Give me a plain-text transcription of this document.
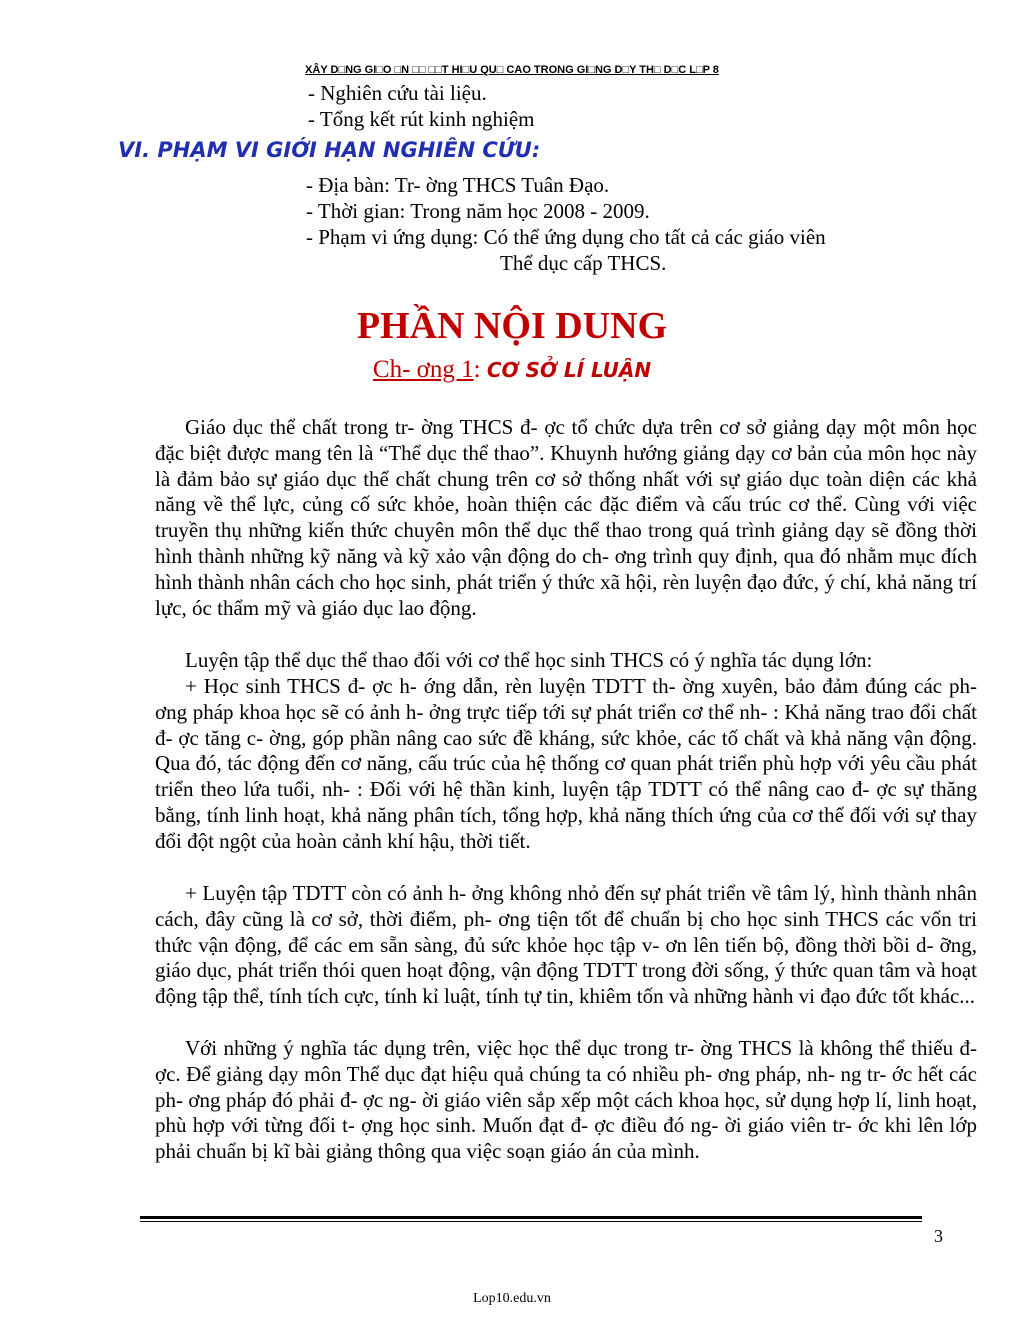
XÂY D□NG GI□O □N □□ □□T HI□U QU□ CAO TRONG GI□NG D□Y TH□ D□C L□P 8
- Nghiên cứu tài liệu.
- Tổng kết rút kinh nghiệm
VI. PHẠM VI GIỚI HẠN NGHIÊN CỨU:
- Địa bàn: Tr- ờng THCS Tuân Đạo.
- Thời gian: Trong năm học 2008 - 2009.
- Phạm vi ứng dụng: Có thể ứng dụng cho tất cả các giáo viên
Thể dục cấp THCS.
PHẦN NỘI DUNG
Ch- ơng 1: CƠ SỞ LÍ LUẬN
Giáo dục thể chất trong tr- ờng THCS đ- ợc tổ chức dựa trên cơ sở giảng dạy một môn học đặc biệt được mang tên là “Thể dục thể thao”. Khuynh hướng giảng dạy cơ bản của môn học này là đảm bảo sự giáo dục thể chất chung trên cơ sở thống nhất với sự giáo dục toàn diện các khả năng về thể lực, củng cố sức khỏe, hoàn thiện các đặc điểm và cấu trúc cơ thể. Cùng với việc truyền thụ những kiến thức chuyên môn thể dục thể thao trong quá trình giảng dạy sẽ đồng thời hình thành những kỹ năng và kỹ xảo vận động do ch- ơng trình quy định, qua đó nhằm mục đích hình thành nhân cách cho học sinh, phát triển ý thức xã hội, rèn luyện đạo đức, ý chí, khả năng trí lực, óc thẩm mỹ và giáo dục lao động.
Luyện tập thể dục thể thao đối với cơ thể học sinh THCS có ý nghĩa tác dụng lớn:
+ Học sinh THCS đ- ợc h- ớng dẫn, rèn luyện TDTT th- ờng xuyên, bảo đảm đúng các ph- ơng pháp khoa học sẽ có ảnh h- ởng trực tiếp tới sự phát triển cơ thể nh- : Khả năng trao đổi chất đ- ợc tăng c- ờng, góp phần nâng cao sức đề kháng, sức khỏe, các tố chất và khả năng vận động. Qua đó, tác động đến cơ năng, cấu trúc của hệ thống cơ quan phát triển phù hợp với yêu cầu phát triển theo lứa tuổi, nh- : Đối với hệ thần kinh, luyện tập TDTT có thể nâng cao đ- ợc sự thăng bằng, tính linh hoạt, khả năng phân tích, tổng hợp, khả năng thích ứng của cơ thể đối với sự thay đổi đột ngột của hoàn cảnh khí hậu, thời tiết.
+ Luyện tập TDTT còn có ảnh h- ởng không nhỏ đến sự phát triển về tâm lý, hình thành nhân cách, đây cũng là cơ sở, thời điểm, ph- ơng tiện tốt để chuẩn bị cho học sinh THCS các vốn tri thức vận động, để các em sẵn sàng, đủ sức khỏe học tập v- ơn lên tiến bộ, đồng thời bồi d- ỡng, giáo dục, phát triển thói quen hoạt động, vận động TDTT trong đời sống, ý thức quan tâm và hoạt động tập thể, tính tích cực, tính kỉ luật, tính tự tin, khiêm tốn và những hành vi đạo đức tốt khác...
Với những ý nghĩa tác dụng trên, việc học thể dục trong tr- ờng THCS là không thể thiếu đ- ợc. Để giảng dạy môn Thể dục đạt hiệu quả chúng ta có nhiều ph- ơng pháp, nh- ng tr- ớc hết các ph- ơng pháp đó phải đ- ợc ng- ời giáo viên sắp xếp một cách khoa học, sử dụng hợp lí, linh hoạt, phù hợp với từng đối t- ợng học sinh. Muốn đạt đ- ợc điều đó ng- ời giáo viên tr- ớc khi lên lớp phải chuẩn bị kĩ bài giảng thông qua việc soạn giáo án của mình.
3
Lop10.edu.vn
